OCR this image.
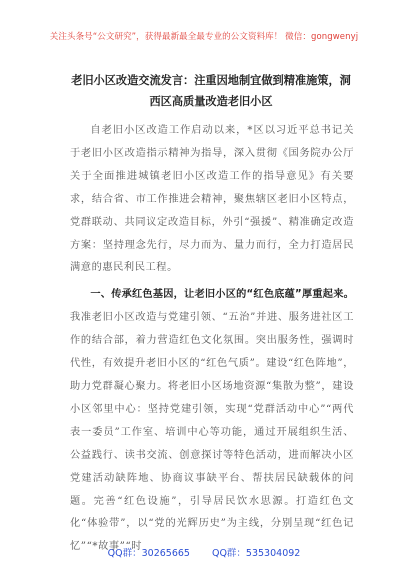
关注头条号“公文研究”，获得最新最全最专业的公文资料库！ 微信：gongwenyj
老旧小区改造交流发言：注重因地制宜做到精准施策，洞西区高质量改造老旧小区

自老旧小区改造工作启动以来，*区以习近平总书记关于老旧小区改造指示精神为指导，深入贯彻《国务院办公厅关于全面推进城镇老旧小区改造工作的指导意见》有关要求，结合省、市工作推进会精神，聚焦辖区老旧小区特点，党群联动、共同议定改造目标，外引“强援”、精准确定改造方案：坚持理念先行，尽力而为、量力而行，全力打造居民满意的惠民利民工程。

一、传承红色基因，让老旧小区的“红色底蕴”厚重起来。我准老旧小区改造与党建引领、“五治”并进、服务进社区工作的结合部，着力营造红色文化氛围。突出服务性，强调时代性，有效提升老旧小区的“红色气质”。建设“红色阵地”，助力党群凝心聚力。将老旧小区场地资源“集散为整”，建设小区邻里中心：坚持党建引领，实现“党群活动中心”“两代表一委员”工作室、培训中心等功能，通过开展组织生活、公益践行、读书交流、创意探讨等特色活动，进而解决小区党建活动缺阵地、协商议事缺平台、帮扶居民缺载体的问题。完善“红色设施”，引导居民饮水思源。打造红色文化“体验带”，以“党的光辉历史”为主线，分别呈现“红色记忆”“*故事”“时

QQ群：30265665 QQ群：535304092
